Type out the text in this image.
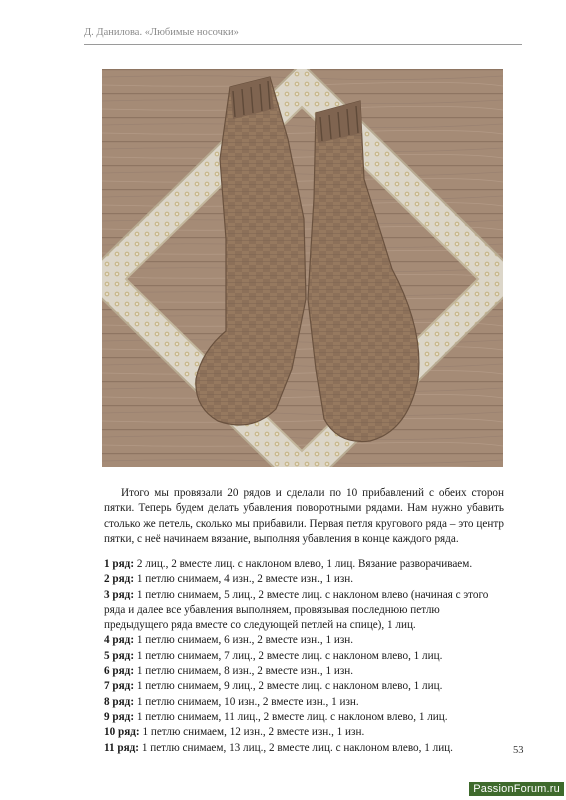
Д. Данилова. «Любимые носочки»
Итого мы провязали 20 рядов и сделали по 10 прибавлений с обеих сторон пятки. Теперь будем делать убавления поворотными рядами. Нам нужно убавить столько же петель, сколько мы прибавили. Первая петля кругового ряда – это центр пятки, с неё начинаем вязание, выполняя убавления в конце каждого ряда.

1 ряд: 2 лиц., 2 вместе лиц. с наклоном влево, 1 лиц. Вязание разворачиваем.

2 ряд: 1 петлю снимаем, 4 изн., 2 вместе изн., 1 изн.

3 ряд: 1 петлю снимаем, 5 лиц., 2 вместе лиц. с наклоном влево (начиная с этого ряда и далее все убавления выполняем, провязывая последнюю петлю предыдущего ряда вместе со следующей петлей на спице), 1 лиц.

4 ряд: 1 петлю снимаем, 6 изн., 2 вместе изн., 1 изн.

5 ряд: 1 петлю снимаем, 7 лиц., 2 вместе лиц. с наклоном влево, 1 лиц.

6 ряд: 1 петлю снимаем, 8 изн., 2 вместе изн., 1 изн.

7 ряд: 1 петлю снимаем, 9 лиц., 2 вместе лиц. с наклоном влево, 1 лиц.

8 ряд: 1 петлю снимаем, 10 изн., 2 вместе изн., 1 изн.

9 ряд: 1 петлю снимаем, 11 лиц., 2 вместе лиц. с наклоном влево, 1 лиц.

10 ряд: 1 петлю снимаем, 12 изн., 2 вместе изн., 1 изн.

11 ряд: 1 петлю снимаем, 13 лиц., 2 вместе лиц. с наклоном влево, 1 лиц.	53
PassionForum.ru
